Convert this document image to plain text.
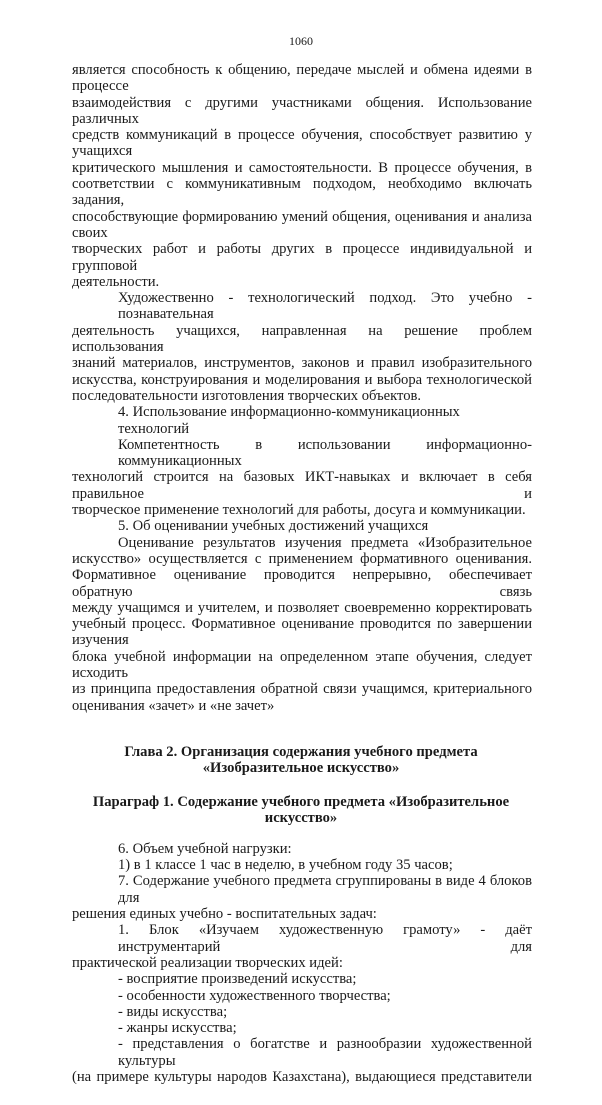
1060
является способность к общению, передаче мыслей и обмена идеями в процессе
взаимодействия с другими участниками общения. Использование различных
средств коммуникаций в процессе обучения, способствует развитию у учащихся
критического мышления и самостоятельности. В процессе обучения, в
соответствии с коммуникативным подходом, необходимо включать задания,
способствующие формированию умений общения, оценивания и анализа своих
творческих работ и работы других в процессе индивидуальной и групповой
деятельности.
Художественно - технологический подход. Это учебно - познавательная
деятельность учащихся, направленная на решение проблем использования
знаний материалов, инструментов, законов и правил изобразительного
искусства, конструирования и моделирования и выбора технологической
последовательности изготовления творческих объектов.
4. Использование информационно-коммуникационных технологий
Компетентность в использовании информационно-коммуникационных
технологий строится на базовых ИКТ-навыках и включает в себя правильное и
творческое применение технологий для работы, досуга и коммуникации.
5. Об оценивании учебных достижений учащихся
Оценивание результатов изучения предмета «Изобразительное
искусство» осуществляется с применением формативного оценивания.
Формативное оценивание проводится непрерывно, обеспечивает обратную связь
между учащимся и учителем, и позволяет своевременно корректировать
учебный процесс. Формативное оценивание проводится по завершении изучения
блока учебной информации на определенном этапе обучения, следует исходить
из принципа предоставления обратной связи учащимся, критериального
оценивания «зачет» и «не зачет»
Глава 2. Организация содержания учебного предмета
«Изобразительное искусство»
Параграф 1. Содержание учебного предмета «Изобразительное искусство»
6. Объем учебной нагрузки:
1) в 1 классе 1 час в неделю, в учебном году 35 часов;
7. Содержание учебного предмета сгруппированы в виде 4 блоков для
решения единых учебно - воспитательных задач:
1. Блок «Изучаем художественную грамоту» - даёт инструментарий для
практической реализации творческих идей:
- восприятие произведений искусства;
- особенности художественного творчества;
- виды искусства;
- жанры искусства;
- представления о богатстве и разнообразии художественной культуры
(на примере культуры народов Казахстана), выдающиеся представители
